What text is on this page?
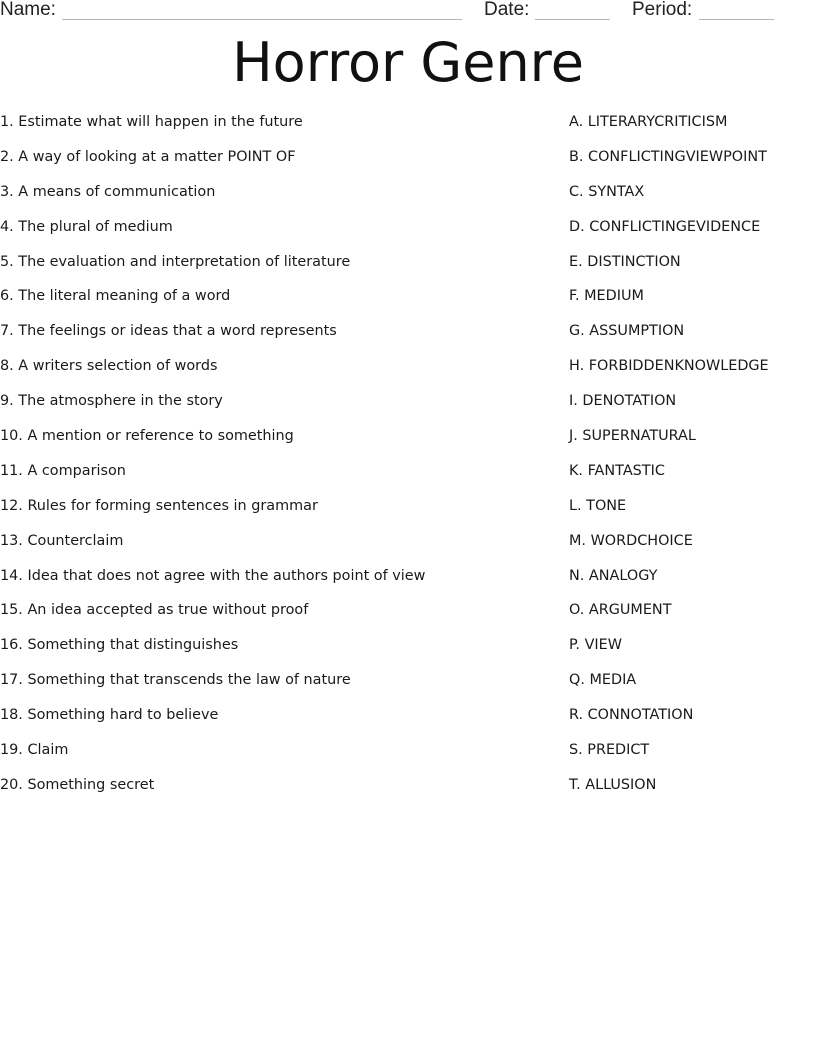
Name:	Date:	Period:
Horror Genre
1. Estimate what will happen in the future
2. A way of looking at a matter POINT OF
3. A means of communication
4. The plural of medium
5. The evaluation and interpretation of literature
6. The literal meaning of a word
7. The feelings or ideas that a word represents
8. A writers selection of words
9. The atmosphere in the story
10. A mention or reference to something
11. A comparison
12. Rules for forming sentences in grammar
13. Counterclaim
14. Idea that does not agree with the authors point of view
15. An idea accepted as true without proof
16. Something that distinguishes
17. Something that transcends the law of nature
18. Something hard to believe
19. Claim
20. Something secret
A. LITERARYCRITICISM
B. CONFLICTINGVIEWPOINT
C. SYNTAX
D. CONFLICTINGEVIDENCE
E. DISTINCTION
F. MEDIUM
G. ASSUMPTION
H. FORBIDDENKNOWLEDGE
I. DENOTATION
J. SUPERNATURAL
K. FANTASTIC
L. TONE
M. WORDCHOICE
N. ANALOGY
O. ARGUMENT
P. VIEW
Q. MEDIA
R. CONNOTATION
S. PREDICT
T. ALLUSION
